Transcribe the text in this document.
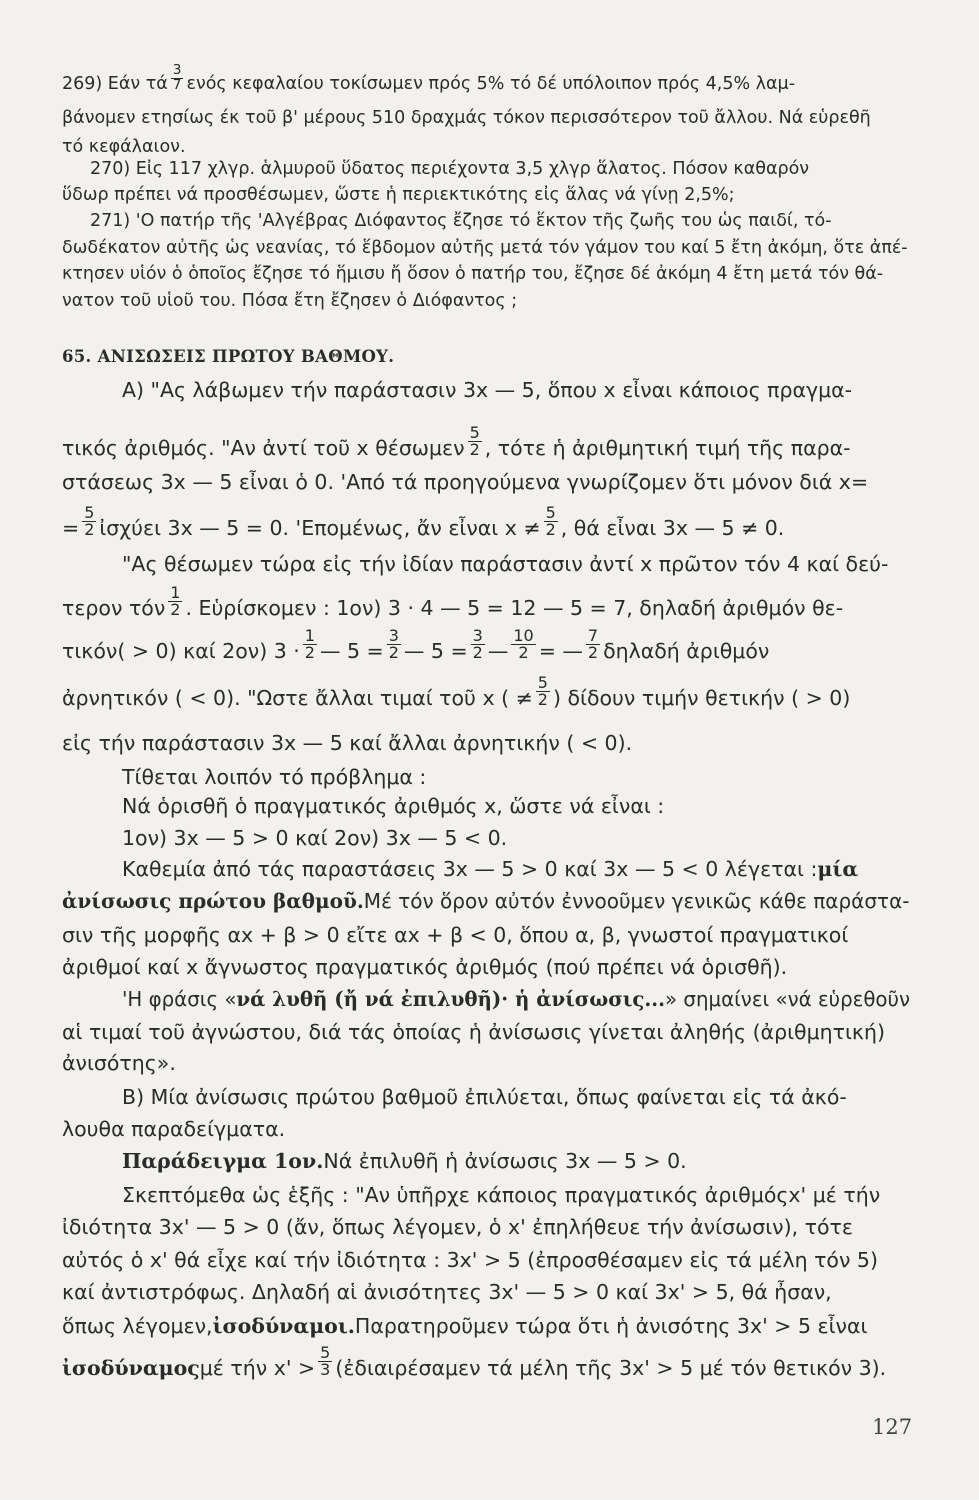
269) Εάν τά $\frac{3}{7}$ ενός κεφαλαίου τοκίσωμεν πρός 5% τό δέ υπόλοιπον πρός 4,5% λαμ-
βάνομεν ετησίως έκ τοῦ β' μέρους 510 δραχμάς τόκον περισσότερον τοῦ ἄλλου. Νά εὑρεθῆ
τό κεφάλαιον.
270) Εἰς 117 χλγρ. ἁλμυροῦ ὕδατος περιέχοντα 3,5 χλγρ ἅλατος. Πόσον καθαρόν
ὕδωρ πρέπει νά προσθέσωμεν, ὥστε ἡ περιεκτικότης εἰς ἅλας νά γίνῃ 2,5%;
271) 'Ο πατήρ τῆς 'Αλγέβρας Διόφαντος ἔζησε τό ἕκτον τῆς ζωῆς του ὡς παιδί, τό-
δωδέκατον αὐτῆς ὡς νεανίας, τό ἕβδομον αὐτῆς μετά τόν γάμον του καί 5 ἔτη ἀκόμη, ὅτε ἀπέ-
κτησεν υἱόν ὁ ὁποῖος ἔζησε τό ἥμισυ ἤ ὅσον ὁ πατήρ του, ἔζησε δέ ἀκόμη 4 ἔτη μετά τόν θά-
νατον τοῦ υἱοῦ του. Πόσα ἔτη ἔζησεν ὁ Διόφαντος ;
65. ΑΝΙΣΩΣΕΙΣ ΠΡΩΤΟΥ ΒΑΘΜΟΥ.
A) "Ας λάβωμεν τήν παράστασιν 3x — 5, ὅπου x εἶναι κάποιος πραγμα-
τικός ἀριθμός. "Αν ἀντί τοῦ x θέσωμεν $\frac{5}{2}$ , τότε ἡ ἀριθμητική τιμή τῆς παρα-
στάσεως 3x — 5 εἶναι ὁ 0. 'Από τά προηγούμενα γνωρίζομεν ὅτι μόνον διά x=
= $\frac{5}{2}$ ἰσχύει 3x — 5 = 0. 'Επομένως, ἄν εἶναι $x \ne \frac{5}{2}$ , θά εἶναι 3x — 5 ≠ 0.
"Ας θέσωμεν τώρα εἰς τήν ἰδίαν παράστασιν ἀντί x πρῶτον τόν 4 καί δεύ-
τερον τόν $\frac{1}{2}$ . Εὑρίσκομεν : 1ον) 3 · 4 — 5 = 12 — 5 = 7, δηλαδή ἀριθμόν θε-
τικόν( > 0) καί 2ον) $3 \cdot \frac{1}{2}$ — $5 = \frac{3}{2}$ — $5 = \frac{3}{2}$ — $\frac{10}{2}$ = — $\frac{7}{2}$ δηλαδή ἀριθμόν
ἀρνητικόν ( < 0). "Ωστε ἄλλαι τιμαί τοῦ x ( ≠ $\frac{5}{2}$ ) δίδουν τιμήν θετικήν ( > 0)
εἰς τήν παράστασιν 3x — 5 καί ἄλλαι ἀρνητικήν ( < 0).
Τίθεται λοιπόν τό πρόβλημα :
Νά ὁρισθῆ ὁ πραγματικός ἀριθμός x, ὥστε νά εἶναι :
1ον) 3x — 5 > 0 καί 2ον) 3x — 5 < 0.
Καθεμία ἀπό τάς παραστάσεις 3x — 5 > 0 καί 3x — 5 < 0 λέγεται :μία
ἀνίσωσις πρώτου βαθμοῦ.Μέ τόν ὅρον αὐτόν ἐννοοῦμεν γενικῶς κάθε παράστα-
σιν τῆς μορφῆς αx + β > 0 εἴτε αx + β < 0, ὅπου α, β, γνωστοί πραγματικοί
ἀριθμοί καί x ἄγνωστος πραγματικός ἀριθμός (πού πρέπει νά ὁρισθῆ).
'Η φράσις «νά λυθῆ (ἤ νά ἐπιλυθῆ)· ἡ ἀνίσωσις...» σημαίνει «νά εὑρεθοῦν
αἱ τιμαί τοῦ ἀγνώστου, διά τάς ὁποίας ἡ ἀνίσωσις γίνεται ἀληθής (ἀριθμητική)
ἀνισότης».
B) Μία ἀνίσωσις πρώτου βαθμοῦ ἐπιλύεται, ὅπως φαίνεται εἰς τά ἀκό-
λουθα παραδείγματα.
Παράδειγμα 1ον.Νά ἐπιλυθῆ ἡ ἀνίσωσις 3x — 5 > 0.
Σκεπτόμεθα ὡς ἑξῆς : "Αν ὑπῆρχε κάποιος πραγματικός ἀριθμόςx' μέ τήν
ἰδιότητα 3x' — 5 > 0 (ἄν, ὅπως λέγομεν, ὁ x' ἐπηλήθευε τήν ἀνίσωσιν), τότε
αὐτός ὁ x' θά εἶχε καί τήν ἰδιότητα : 3x' > 5 (ἐπροσθέσαμεν εἰς τά μέλη τόν 5)
καί ἀντιστρόφως. Δηλαδή αἱ ἀνισότητες 3x' — 5 > 0 καί 3x' > 5, θά ἦσαν,
ὅπως λέγομεν,ἰσοδύναμοι.Παρατηροῦμεν τώρα ὅτι ἡ ἀνισότης 3x' > 5 εἶναι
ἰσοδύναμοςμέ τήν $x' > \frac{5}{3}$ (ἐδιαιρέσαμεν τά μέλη τῆς 3x' > 5 μέ τόν θετικόν 3).
127
